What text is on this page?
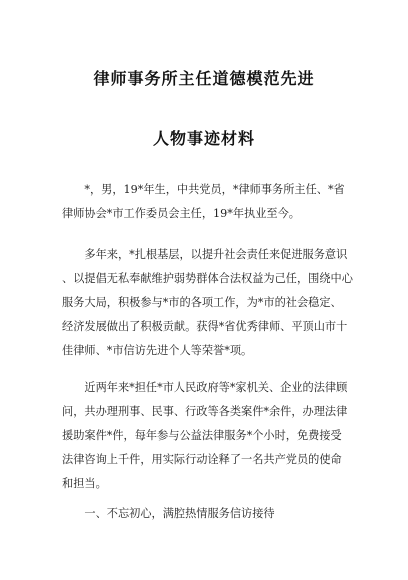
律师事务所主任道德模范先进
人物事迹材料
　　*，男，19*年生，中共党员，*律师事务所主任、*省
律师协会*市工作委员会主任，19*年执业至今。
　　多年来，*扎根基层，以提升社会责任来促进服务意识
、以提倡无私奉献维护弱势群体合法权益为己任，围绕中心
服务大局，积极参与*市的各项工作，为*市的社会稳定、
经济发展做出了积极贡献。获得*省优秀律师、平顶山市十
佳律师、*市信访先进个人等荣誉*项。
　　近两年来*担任*市人民政府等*家机关、企业的法律顾
问，共办理刑事、民事、行政等各类案件*余件，办理法律
援助案件*件，每年参与公益法律服务*个小时，免费接受
法律咨询上千件，用实际行动诠释了一名共产党员的使命
和担当。
　　一、不忘初心，满腔热情服务信访接待
